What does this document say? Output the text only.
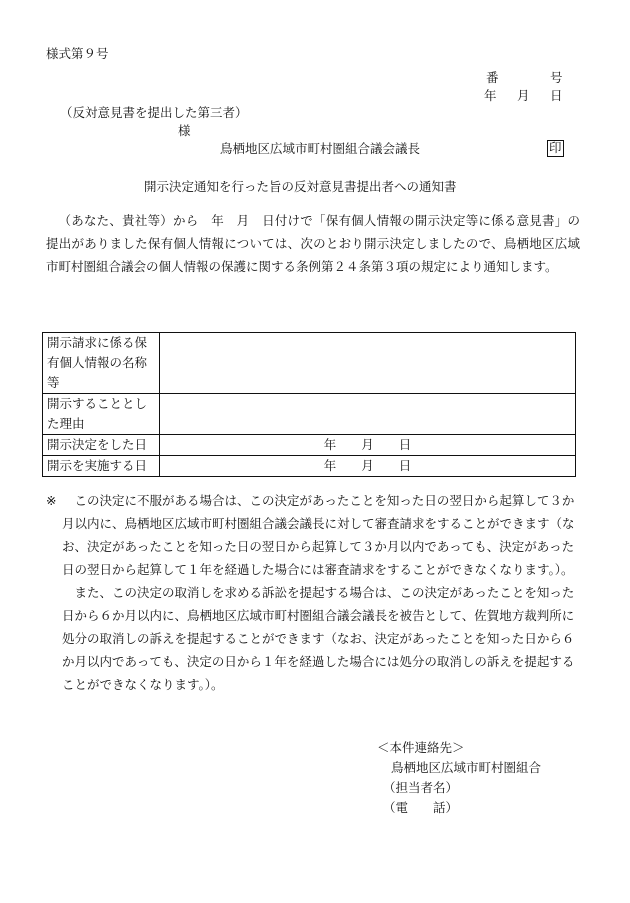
様式第９号
番	号
年 月 日
（反対意見書を提出した第三者）
様
鳥栖地区広域市町村圏組合議会議長	印
開示決定通知を行った旨の反対意見書提出者への通知書
（あなた、貴社等）から　年　月　日付けで「保有個人情報の開示決定等に係る意見書」の提出がありました保有個人情報については、次のとおり開示決定しましたので、鳥栖地区広域市町村圏組合議会の個人情報の保護に関する条例第２４条第３項の規定により通知します。
開示請求に係る保有個人情報の名称等	
開示することとした理由	
開示決定をした日	年　　月　　日
開示を実施する日	年　　月　　日
※	この決定に不服がある場合は、この決定があったことを知った日の翌日から起算して３か月以内に、鳥栖地区広域市町村圏組合議会議長に対して審査請求をすることができます（なお、決定があったことを知った日の翌日から起算して３か月以内であっても、決定があった日の翌日から起算して１年を経過した場合には審査請求をすることができなくなります。）。
また、この決定の取消しを求める訴訟を提起する場合は、この決定があったことを知った日から６か月以内に、鳥栖地区広域市町村圏組合議会議長を被告として、佐賀地方裁判所に処分の取消しの訴えを提起することができます（なお、決定があったことを知った日から６か月以内であっても、決定の日から１年を経過した場合には処分の取消しの訴えを提起することができなくなります。）。
＜本件連絡先＞
鳥栖地区広域市町村圏組合
（担当者名）
（電　　話）
